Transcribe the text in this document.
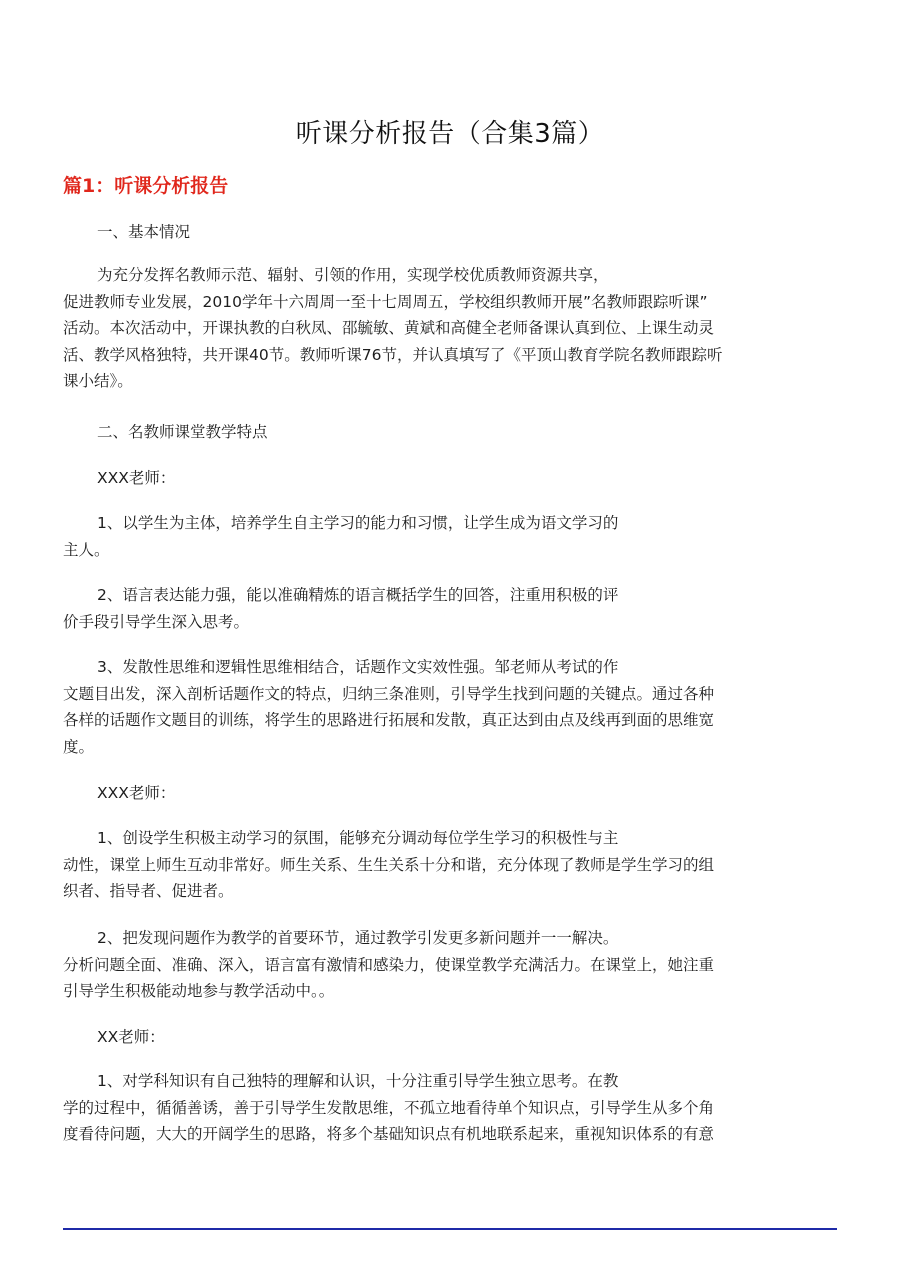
听课分析报告（合集3篇）
篇1：听课分析报告
一、基本情况
为充分发挥名教师示范、辐射、引领的作用，实现学校优质教师资源共享，
促进教师专业发展，2010学年十六周周一至十七周周五，学校组织教师开展”名教师跟踪听课”
活动。本次活动中，开课执教的白秋凤、邵毓敏、黄斌和高健全老师备课认真到位、上课生动灵
活、教学风格独特，共开课40节。教师听课76节，并认真填写了《平顶山教育学院名教师跟踪听
课小结》。
二、名教师课堂教学特点
XXX老师：
1、以学生为主体，培养学生自主学习的能力和习惯，让学生成为语文学习的
主人。
2、语言表达能力强，能以准确精炼的语言概括学生的回答，注重用积极的评
价手段引导学生深入思考。
3、发散性思维和逻辑性思维相结合，话题作文实效性强。邹老师从考试的作
文题目出发，深入剖析话题作文的特点，归纳三条准则，引导学生找到问题的关键点。通过各种
各样的话题作文题目的训练，将学生的思路进行拓展和发散，真正达到由点及线再到面的思维宽
度。
XXX老师：
1、创设学生积极主动学习的氛围，能够充分调动每位学生学习的积极性与主
动性，课堂上师生互动非常好。师生关系、生生关系十分和谐，充分体现了教师是学生学习的组
织者、指导者、促进者。
2、把发现问题作为教学的首要环节，通过教学引发更多新问题并一一解决。
分析问题全面、准确、深入，语言富有激情和感染力，使课堂教学充满活力。在课堂上，她注重
引导学生积极能动地参与教学活动中。。
XX老师：
1、对学科知识有自己独特的理解和认识，十分注重引导学生独立思考。在教
学的过程中，循循善诱，善于引导学生发散思维，不孤立地看待单个知识点，引导学生从多个角
度看待问题，大大的开阔学生的思路，将多个基础知识点有机地联系起来，重视知识体系的有意
